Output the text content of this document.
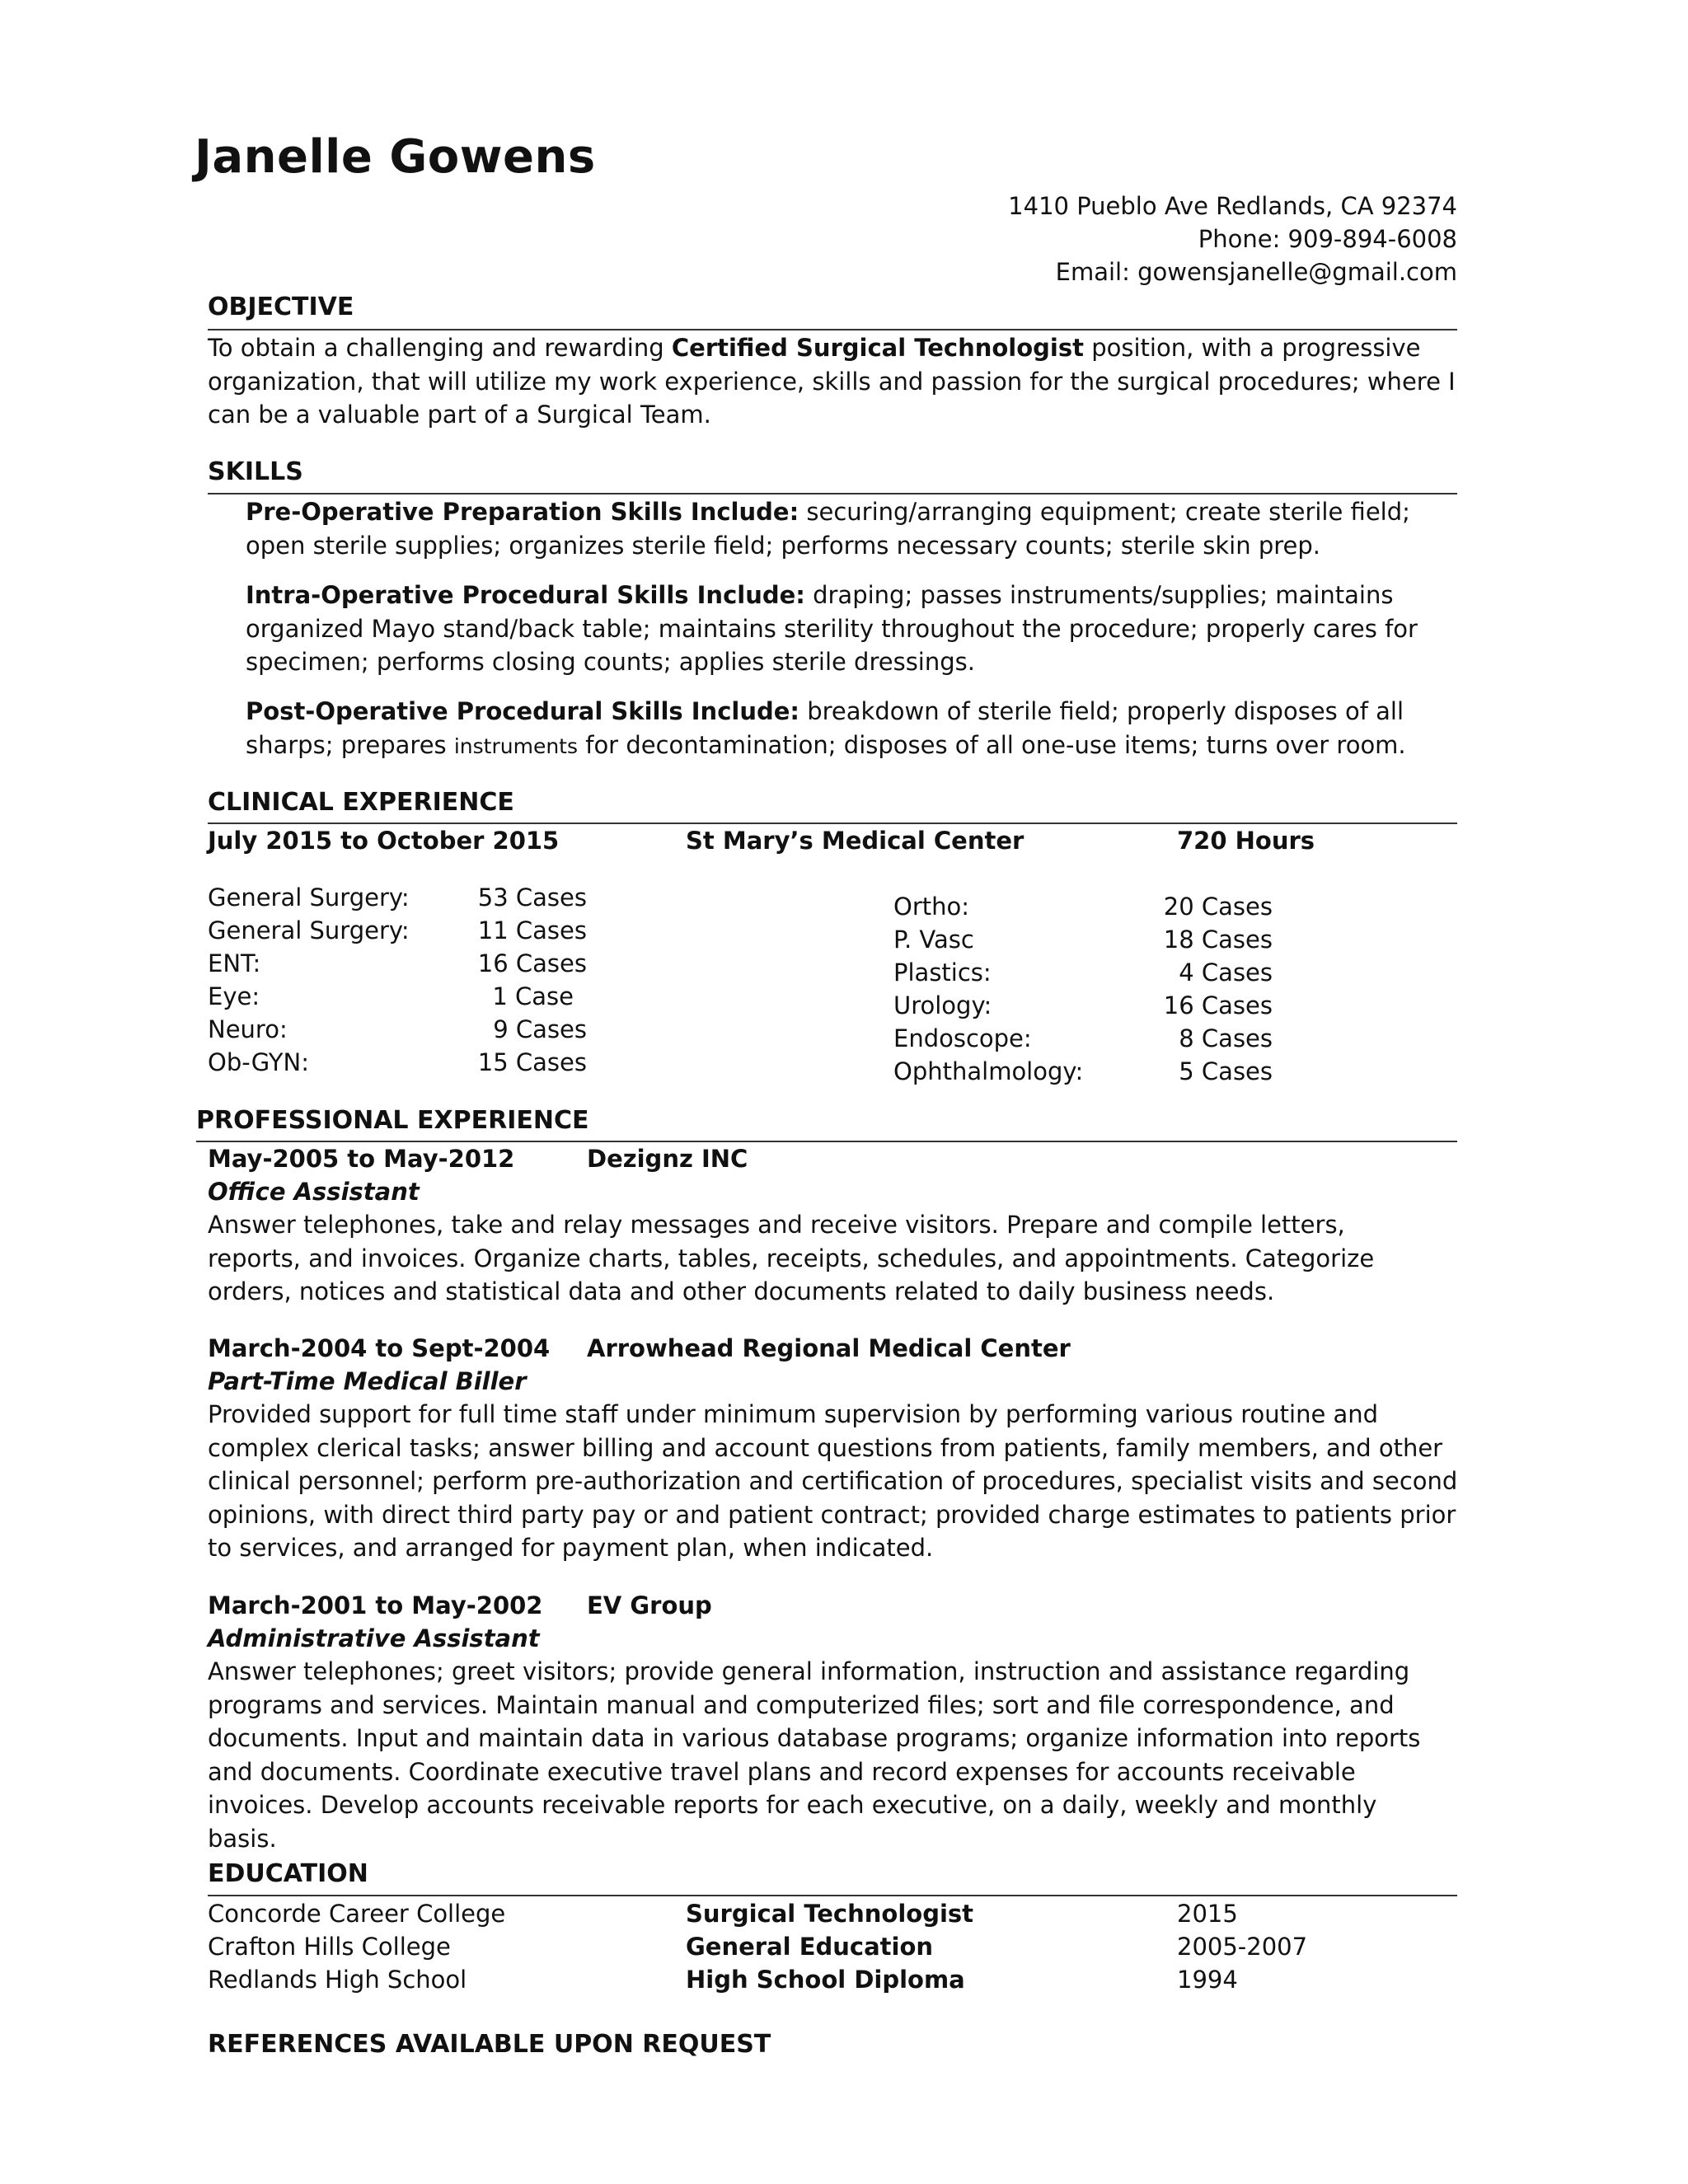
Janelle Gowens
1410 Pueblo Ave Redlands, CA 92374
Phone: 909-894-6008
Email: gowensjanelle@gmail.com
OBJECTIVE
To obtain a challenging and rewarding Certified Surgical Technologist position, with a progressive organization, that will utilize my work experience, skills and passion for the surgical procedures; where I can be a valuable part of a Surgical Team.
SKILLS
Pre-Operative Preparation Skills Include: securing/arranging equipment; create sterile field; open sterile supplies; organizes sterile field; performs necessary counts; sterile skin prep.
Intra-Operative Procedural Skills Include: draping; passes instruments/supplies; maintains organized Mayo stand/back table; maintains sterility throughout the procedure; properly cares for specimen; performs closing counts; applies sterile dressings.
Post-Operative Procedural Skills Include: breakdown of sterile field; properly disposes of all sharps; prepares instruments for decontamination; disposes of all one-use items; turns over room.
CLINICAL EXPERIENCE
July 2015 to October 2015	St Mary’s Medical Center	720 Hours
General Surgery:	53 Cases
General Surgery:	11 Cases
ENT:	16 Cases
Eye:	1 Case
Neuro:	9 Cases
Ob-GYN:	15 Cases
Ortho:	20 Cases
P. Vasc	18 Cases
Plastics:	4 Cases
Urology:	16 Cases
Endoscope:	8 Cases
Ophthalmology:	5 Cases
PROFESSIONAL EXPERIENCE
May-2005 to May-2012	Dezignz INC
Office Assistant
Answer telephones, take and relay messages and receive visitors. Prepare and compile letters, reports, and invoices. Organize charts, tables, receipts, schedules, and appointments. Categorize orders, notices and statistical data and other documents related to daily business needs.
March-2004 to Sept-2004 Arrowhead Regional Medical Center
Part-Time Medical Biller
Provided support for full time staff under minimum supervision by performing various routine and complex clerical tasks; answer billing and account questions from patients, family members, and other clinical personnel; perform pre-authorization and certification of procedures, specialist visits and second opinions, with direct third party pay or and patient contract; provided charge estimates to patients prior to services, and arranged for payment plan, when indicated.
March-2001 to May-2002 EV Group
Administrative Assistant
Answer telephones; greet visitors; provide general information, instruction and assistance regarding programs and services. Maintain manual and computerized files; sort and file correspondence, and documents. Input and maintain data in various database programs; organize information into reports and documents. Coordinate executive travel plans and record expenses for accounts receivable invoices. Develop accounts receivable reports for each executive, on a daily, weekly and monthly basis.
EDUCATION
Concorde Career College	Surgical Technologist	2015
Crafton Hills College	General Education	2005-2007
Redlands High School	High School Diploma	1994
REFERENCES AVAILABLE UPON REQUEST
